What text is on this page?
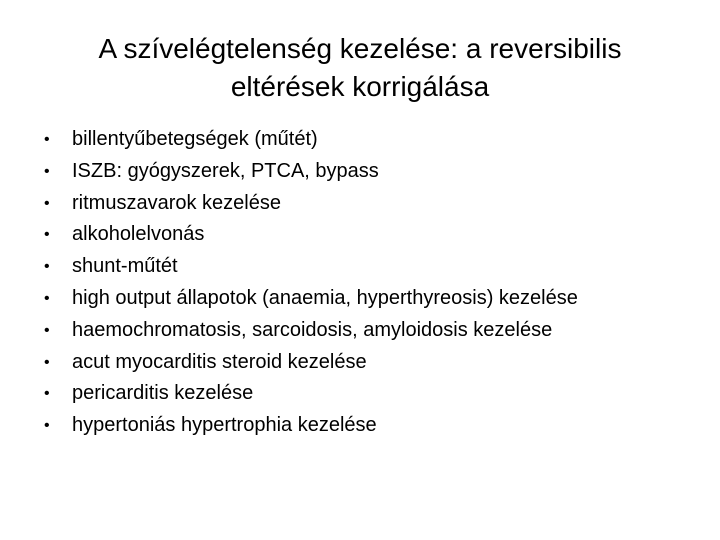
A szívelégtelenség kezelése: a reversibilis
eltérések korrigálása
• billentyűbetegségek (műtét)
• ISZB: gyógyszerek, PTCA, bypass
• ritmuszavarok kezelése
• alkoholelvonás
• shunt-műtét
• high output állapotok (anaemia, hyperthyreosis) kezelése
• haemochromatosis, sarcoidosis, amyloidosis kezelése
• acut myocarditis steroid kezelése
• pericarditis kezelése
• hypertoniás hypertrophia kezelése
